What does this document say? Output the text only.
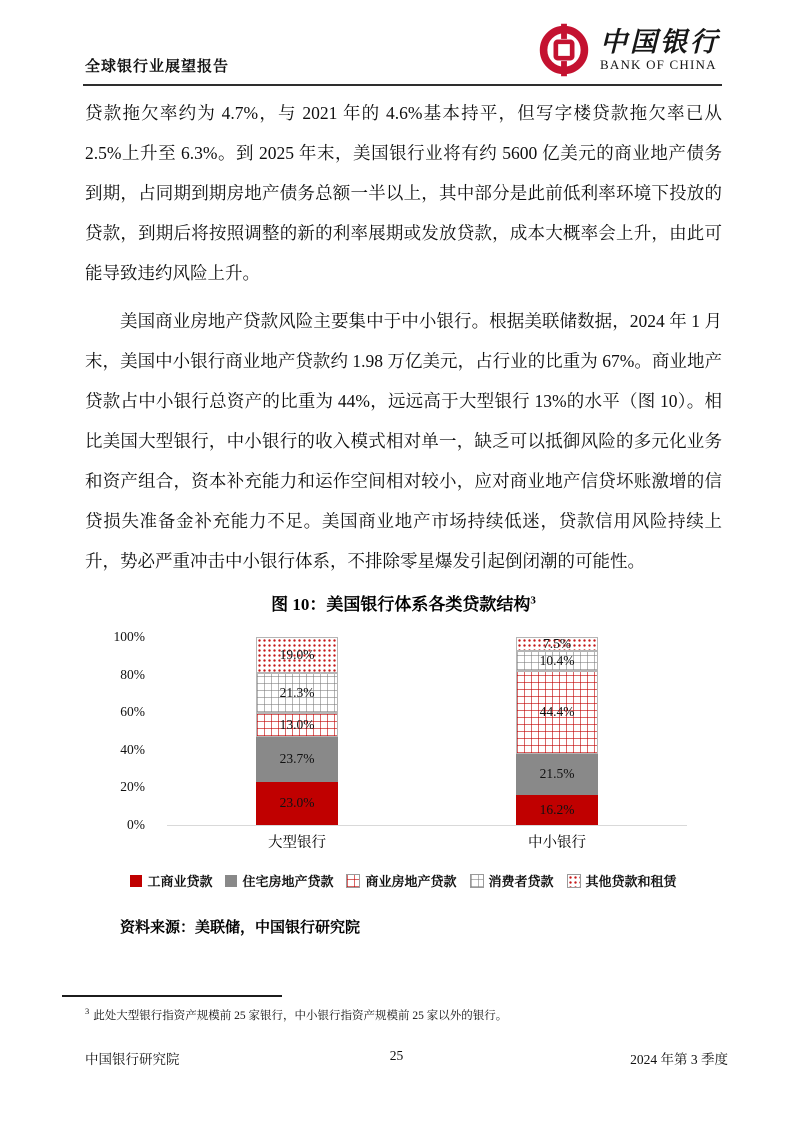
全球银行业展望报告
中国银行
BANK OF CHINA

贷款拖欠率约为 4.7%，与 2021 年的 4.6%基本持平，但写字楼贷款拖欠率已从 2.5%上升至 6.3%。到 2025 年末，美国银行业将有约 5600 亿美元的商业地产债务到期，占同期到期房地产债务总额一半以上，其中部分是此前低利率环境下投放的贷款，到期后将按照调整的新的利率展期或发放贷款，成本大概率会上升，由此可能导致违约风险上升。

美国商业房地产贷款风险主要集中于中小银行。根据美联储数据，2024 年 1 月末，美国中小银行商业地产贷款约 1.98 万亿美元，占行业的比重为 67%。商业地产贷款占中小银行总资产的比重为 44%，远远高于大型银行 13%的水平（图 10）。相比美国大型银行，中小银行的收入模式相对单一，缺乏可以抵御风险的多元化业务和资产组合，资本补充能力和运作空间相对较小，应对商业地产信贷坏账激增的信贷损失准备金补充能力不足。美国商业地产市场持续低迷，贷款信用风险持续上升，势必严重冲击中小银行体系，不排除零星爆发引起倒闭潮的可能性。

图 10：美国银行体系各类贷款结构$^3$
0%
20%
40%
60%
80%
100%
23.0%
23.7%
13.0%
21.3%
19.0%
16.2%
21.5%
44.4%
10.4%
7.5%
大型银行	中小银行
工商业贷款 住宅房地产贷款 商业房地产贷款 消费者贷款 其他贷款和租赁
资料来源：美联储，中国银行研究院
$^3$ 此处大型银行指资产规模前 25 家银行，中小银行指资产规模前 25 家以外的银行。
中国银行研究院	25	2024 年第 3 季度
